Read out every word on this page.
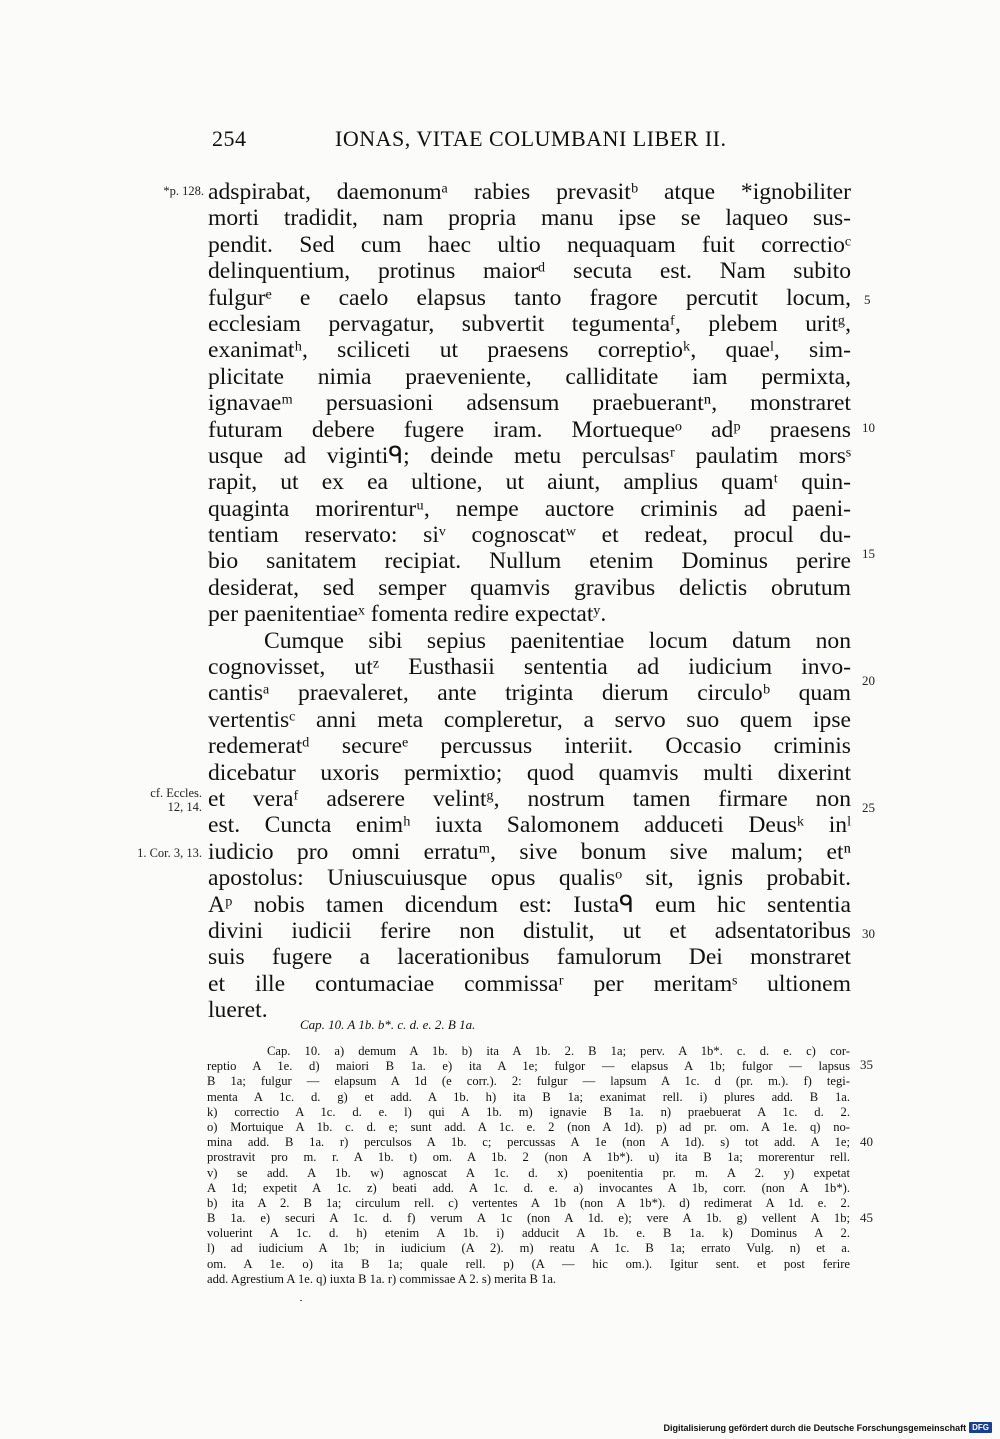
254	IONAS, VITAE COLUMBANI LIBER II.
*p. 128. adspirabat, daemonumᵃ rabies prevasitᵇ atque *ignobiliter
morti tradidit, nam propria manu ipse se laqueo sus-
pendit. Sed cum haec ultio nequaquam fuit correctioᶜ
delinquentium, protinus maiorᵈ secuta est. Nam subito
fulgurᵉ e caelo elapsus tanto fragore percutit locum,
ecclesiam pervagatur, subvertit tegumentaᶠ, plebem uritᵍ,
exanimatʰ, sciliceti ut praesens correptioᵏ, quaeˡ, sim-
plicitate nimia praeveniente, calliditate iam permixta,
ignavaeᵐ persuasioni adsensum praebuerantⁿ, monstraret
futuram debere fugere iram. Mortuequeᵒ adᵖ praesens
usque ad vigintiᑫ; deinde metu perculsasʳ paulatim morsˢ
rapit, ut ex ea ultione, ut aiunt, amplius quamᵗ quin-
quaginta morirenturᵘ, nempe auctore criminis ad paeni-
tentiam reservato: siᵛ cognoscatʷ et redeat, procul du-
bio sanitatem recipiat. Nullum etenim Dominus perire
desiderat, sed semper quamvis gravibus delictis obrutum
per paenitentiaeˣ fomenta redire expectatʸ.
Cumque sibi sepius paenitentiae locum datum non
cognovisset, utᶻ Eusthasii sententia ad iudicium invo-
cantisᵃ praevaleret, ante triginta dierum circuloᵇ quam
vertentisᶜ anni meta compleretur, a servo suo quem ipse
redemeratᵈ secureᵉ percussus interiit. Occasio criminis
dicebatur uxoris permixtio; quod quamvis multi dixerint
et veraᶠ adserere velintᵍ, nostrum tamen firmare non
est. Cuncta enimʰ iuxta Salomonem adduceti Deusᵏ inˡ
iudicio pro omni erratuᵐ, sive bonum sive malum; etⁿ
apostolus: Uniuscuiusque opus qualisᵒ sit, ignis probabit.
Aᵖ nobis tamen dicendum est: Iustaᑫ eum hic sententia
divini iudicii ferire non distulit, ut et adsentatoribus
suis fugere a lacerationibus famulorum Dei monstraret
et ille contumaciae commissaʳ per meritamˢ ultionem
lueret.
5
10
15
20
25
30
cf. Eccles.
12, 14.
1. Cor. 3, 13.
Cap. 10. A 1b. b*. c. d. e. 2. B 1a.
Cap. 10. a) demum A 1b. b) ita A 1b. 2. B 1a; perv. A 1b*. c. d. e. c) cor-
reptio A 1e. d) maiori B 1a. e) ita A 1e; fulgor — elapsus A 1b; fulgor — lapsus
B 1a; fulgur — elapsum A 1d (e corr.). 2: fulgur — lapsum A 1c. d (pr. m.). f) tegi-
menta A 1c. d. g) et add. A 1b. h) ita B 1a; exanimat rell. i) plures add. B 1a.
k) correctio A 1c. d. e. l) qui A 1b. m) ignavie B 1a. n) praebuerat A 1c. d. 2.
o) Mortuique A 1b. c. d. e; sunt add. A 1c. e. 2 (non A 1d). p) ad pr. om. A 1e. q) no-
mina add. B 1a. r) perculsos A 1b. c; percussas A 1e (non A 1d). s) tot add. A 1e;
prostravit pro m. r. A 1b. t) om. A 1b. 2 (non A 1b*). u) ita B 1a; morerentur rell.
v) se add. A 1b. w) agnoscat A 1c. d. x) poenitentia pr. m. A 2. y) expetat
A 1d; expetit A 1c. z) beati add. A 1c. d. e. a) invocantes A 1b, corr. (non A 1b*).
b) ita A 2. B 1a; circulum rell. c) vertentes A 1b (non A 1b*). d) redimerat A 1d. e. 2.
B 1a. e) securi A 1c. d. f) verum A 1c (non A 1d. e); vere A 1b. g) vellent A 1b;
voluerint A 1c. d. h) etenim A 1b. i) adducit A 1b. e. B 1a. k) Dominus A 2.
l) ad iudicium A 1b; in iudicium (A 2). m) reatu A 1c. B 1a; errato Vulg. n) et a.
om. A 1e. o) ita B 1a; quale rell. p) (A — hic om.). Igitur sent. et post ferire
add. Agrestium A 1e. q) iuxta B 1a. r) commissae A 2. s) merita B 1a.
35
40
45
Digitalisierung gefördert durch die Deutsche Forschungsgemeinschaft DFG
